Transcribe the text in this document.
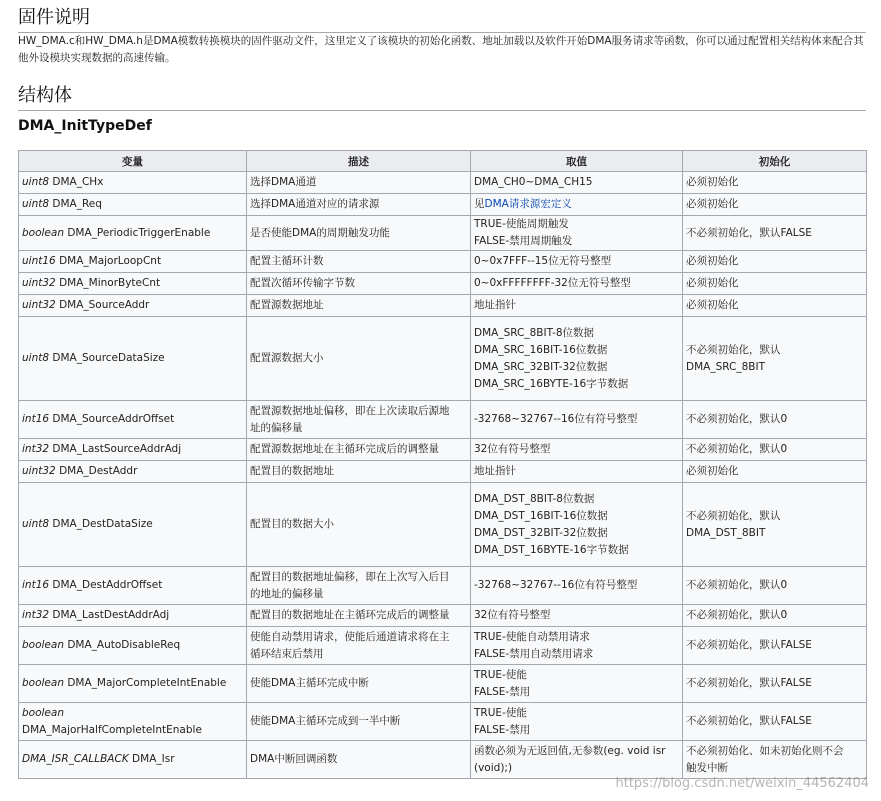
固件说明

HW_DMA.c和HW_DMA.h是DMA模数转换模块的固件驱动文件，这里定义了该模块的初始化函数、地址加载以及软件开始DMA服务请求等函数，你可以通过配置相关结构体来配合其他外设模块实现数据的高速传输。

结构体
DMA_InitTypeDef
变量	描述	取值	初始化
uint8 DMA_CHx	选择DMA通道	DMA_CH0~DMA_CH15	必须初始化

uint8 DMA_Req	选择DMA通道对应的请求源	见DMA请求源宏定义	必须初始化

boolean DMA_PeriodicTriggerEnable	是否使能DMA的周期触发功能	TRUE-使能周期触发
FALSE-禁用周期触发	不必须初始化，默认FALSE

uint16 DMA_MajorLoopCnt	配置主循环计数	0~0x7FFF--15位无符号整型	必须初始化

uint32 DMA_MinorByteCnt	配置次循环传输字节数	0~0xFFFFFFFF-32位无符号整型	必须初始化

uint32 DMA_SourceAddr	配置源数据地址	地址指针	必须初始化

uint8 DMA_SourceDataSize	配置源数据大小	DMA_SRC_8BIT-8位数据
DMA_SRC_16BIT-16位数据
DMA_SRC_32BIT-32位数据
DMA_SRC_16BYTE-16字节数据	不必须初始化，默认
DMA_SRC_8BIT

int16 DMA_SourceAddrOffset	配置源数据地址偏移，即在上次读取后源地
址的偏移量	-32768~32767--16位有符号整型	不必须初始化，默认0

int32 DMA_LastSourceAddrAdj	配置源数据地址在主循环完成后的调整量	32位有符号整型	不必须初始化，默认0

uint32 DMA_DestAddr	配置目的数据地址	地址指针	必须初始化

uint8 DMA_DestDataSize	配置目的数据大小	DMA_DST_8BIT-8位数据
DMA_DST_16BIT-16位数据
DMA_DST_32BIT-32位数据
DMA_DST_16BYTE-16字节数据	不必须初始化，默认
DMA_DST_8BIT

int16 DMA_DestAddrOffset	配置目的数据地址偏移，即在上次写入后目
的地址的偏移量	-32768~32767--16位有符号整型	不必须初始化，默认0

int32 DMA_LastDestAddrAdj	配置目的数据地址在主循环完成后的调整量	32位有符号整型	不必须初始化，默认0

boolean DMA_AutoDisableReq	使能自动禁用请求，使能后通道请求将在主
循环结束后禁用	TRUE-使能自动禁用请求
FALSE-禁用自动禁用请求	不必须初始化，默认FALSE

boolean DMA_MajorCompleteIntEnable	使能DMA主循环完成中断	TRUE-使能
FALSE-禁用	不必须初始化，默认FALSE

boolean
DMA_MajorHalfCompleteIntEnable	使能DMA主循环完成到一半中断	TRUE-使能
FALSE-禁用	不必须初始化，默认FALSE

DMA_ISR_CALLBACK DMA_Isr	DMA中断回调函数	函数必须为无返回值,无参数(eg. void isr
(void);)	不必须初始化、如未初始化则不会
触发中断
https://blog.csdn.net/weixin_44562404
